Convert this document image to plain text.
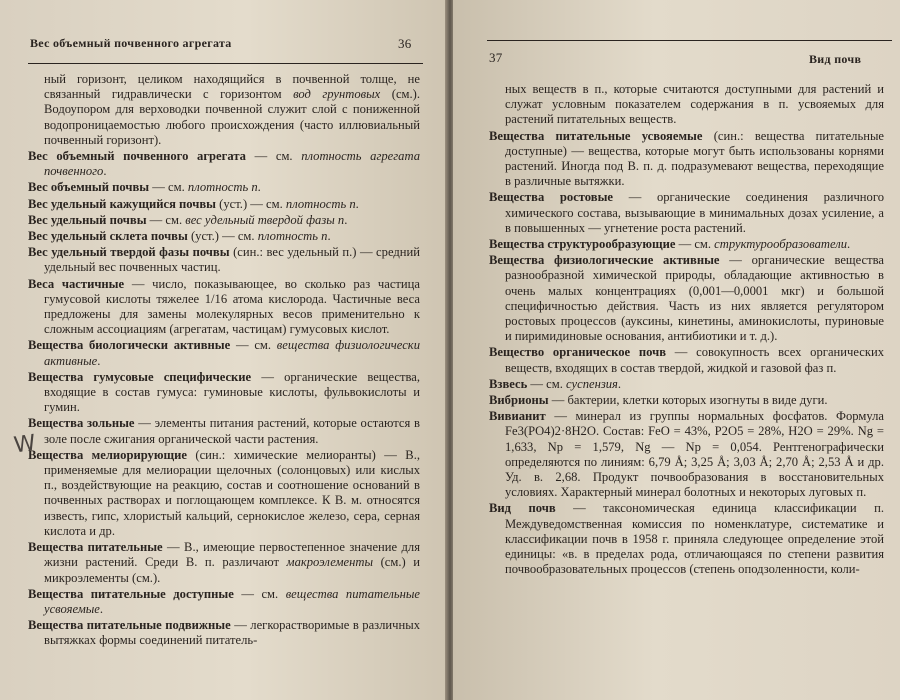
Вес объемный почвенного агрегата	36
ный горизонт, целиком находящийся в почвенной толще, не связанный гидравлически с горизонтом вод грунтовых (см.). Водоупором для верховодки почвенной служит слой с пониженной водопроницаемостью любого происхождения (часто иллювиальный почвенный горизонт).
Вес объемный почвенного агрегата — см. плотность агрегата почвенного.
Вес объемный почвы — см. плотность п.
Вес удельный кажущийся почвы (уст.) — см. плотность п.
Вес удельный почвы — см. вес удельный твердой фазы п.
Вес удельный склета почвы (уст.) — см. плотность п.
Вес удельный твердой фазы почвы (син.: вес удельный п.) — средний удельный вес почвенных частиц.
Веса частичные — число, показывающее, во сколько раз частица гумусовой кислоты тяжелее 1/16 атома кислорода. Частичные веса предложены для замены молекулярных весов применительно к сложным ассоциациям (агрегатам, частицам) гумусовых кислот.
Вещества биологически активные — см. вещества физиологически активные.
Вещества гумусовые специфические — органические вещества, входящие в состав гумуса: гуминовые кислоты, фульвокислоты и гумин.
Вещества зольные — элементы питания растений, которые остаются в золе после сжигания органической части растения.
Вещества мелиорирующие (син.: химические мелиоранты) — В., применяемые для мелиорации щелочных (солонцовых) или кислых п., воздействующие на реакцию, состав и соотношение оснований в почвенных растворах и поглощающем комплексе. К В. м. относятся известь, гипс, хлористый кальций, сернокислое железо, сера, серная кислота и др.
Вещества питательные — В., имеющие первостепенное значение для жизни растений. Среди В. п. различают макроэлементы (см.) и микроэлементы (см.).
Вещества питательные доступные — см. вещества питательные усвояемые.
Вещества питательные подвижные — легкорастворимые в различных вытяжках формы соединений питатель-
W
37	Вид почв
ных веществ в п., которые считаются доступными для растений и служат условным показателем содержания в п. усвояемых для растений питательных веществ.
Вещества питательные усвояемые (син.: вещества питательные доступные) — вещества, которые могут быть использованы корнями растений. Иногда под В. п. д. подразумевают вещества, переходящие в различные вытяжки.
Вещества ростовые — органические соединения различного химического состава, вызывающие в минимальных дозах усиление, а в повышенных — угнетение роста растений.
Вещества структурообразующие — см. структурообразователи.
Вещества физиологические активные — органические вещества разнообразной химической природы, обладающие активностью в очень малых концентрациях (0,001—0,0001 мкг) и большой специфичностью действия. Часть из них является регулятором ростовых процессов (ауксины, кинетины, аминокислоты, пуриновые и пиримидиновые основания, антибиотики и т. д.).
Вещество органическое почв — совокупность всех органических веществ, входящих в состав твердой, жидкой и газовой фаз п.
Взвесь — см. суспензия.
Вибрионы — бактерии, клетки которых изогнуты в виде дуги.
Вивианит — минерал из группы нормальных фосфатов. Формула Fe3(PO4)2·8H2O. Состав: FeO = 43%, P2O5 = 28%, H2O = 29%. Ng = 1,633, Np = 1,579, Ng — Np = 0,054. Рентгенографически определяются по линиям: 6,79 Å; 3,25 Å; 3,03 Å; 2,70 Å; 2,53 Å и др. Уд. в. 2,68. Продукт почвообразования в восстановительных условиях. Характерный минерал болотных и некоторых луговых п.
Вид почв — таксономическая единица классификации п. Междуведомственная комиссия по номенклатуре, систематике и классификации почв в 1958 г. приняла следующее определение этой единицы: «в. в пределах рода, отличающаяся по степени развития почвообразовательных процессов (степень оподзоленности, коли-
